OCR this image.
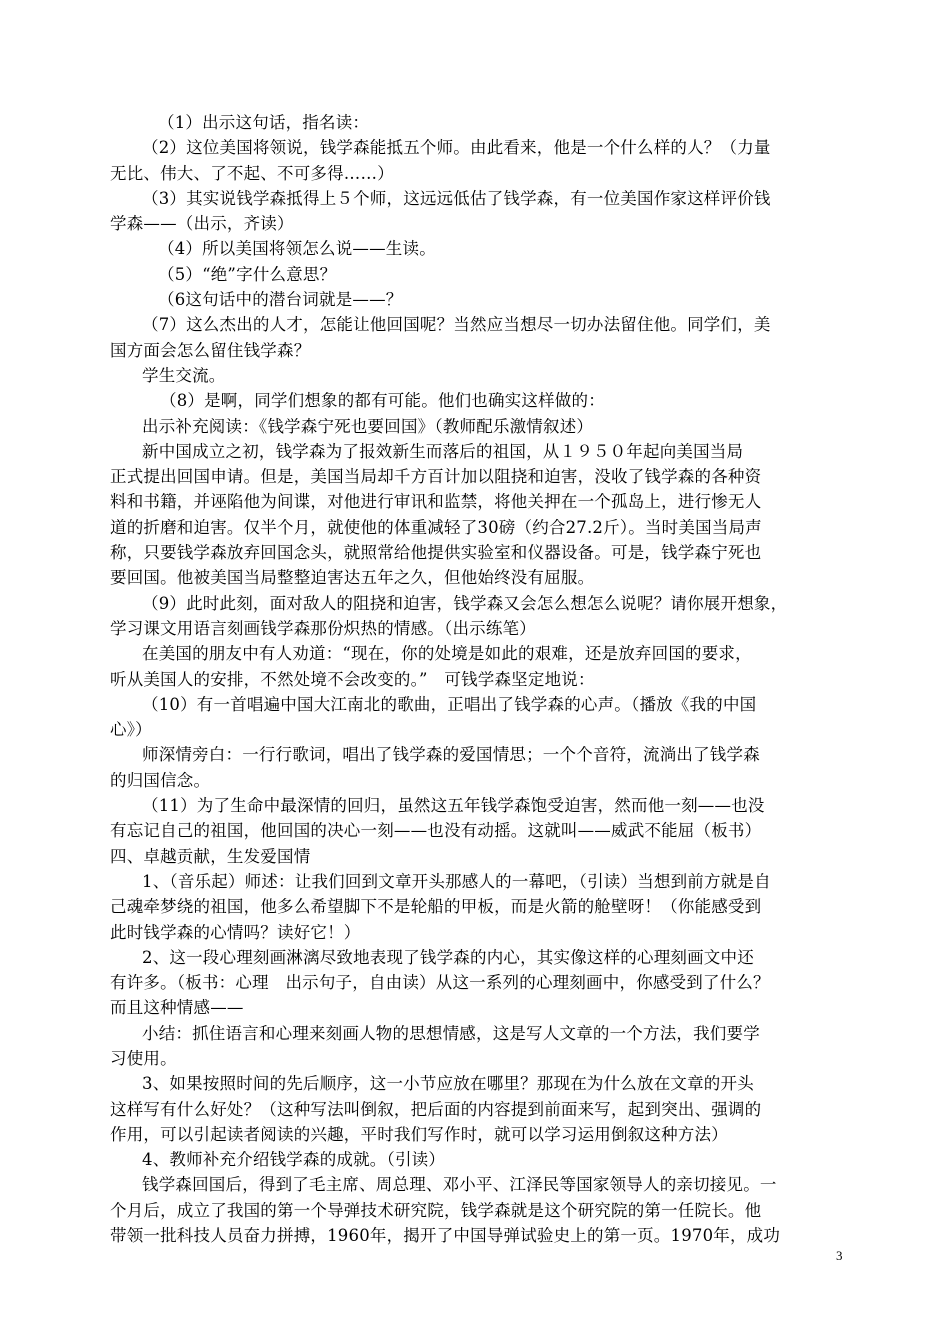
（1）出示这句话，指名读：
（2）这位美国将领说，钱学森能抵五个师。由此看来，他是一个什么样的人？（力量
无比、伟大、了不起、不可多得……）
（3）其实说钱学森抵得上５个师，这远远低估了钱学森，有一位美国作家这样评价钱
学森——（出示，齐读）
（4）所以美国将领怎么说——生读。
（5）“绝”字什么意思？
（6这句话中的潜台词就是——？
（7）这么杰出的人才，怎能让他回国呢？当然应当想尽一切办法留住他。同学们，美
国方面会怎么留住钱学森？
学生交流。
（8）是啊，同学们想象的都有可能。他们也确实这样做的：
出示补充阅读：《钱学森宁死也要回国》（教师配乐激情叙述）
新中国成立之初，钱学森为了报效新生而落后的祖国，从１９５０年起向美国当局
正式提出回国申请。但是，美国当局却千方百计加以阻挠和迫害，没收了钱学森的各种资
料和书籍，并诬陷他为间谍，对他进行审讯和监禁，将他关押在一个孤岛上，进行惨无人
道的折磨和迫害。仅半个月，就使他的体重减轻了30磅（约合27.2斤）。当时美国当局声
称，只要钱学森放弃回国念头，就照常给他提供实验室和仪器设备。可是，钱学森宁死也
要回国。他被美国当局整整迫害达五年之久，但他始终没有屈服。
（9）此时此刻，面对敌人的阻挠和迫害，钱学森又会怎么想怎么说呢？请你展开想象，
学习课文用语言刻画钱学森那份炽热的情感。（出示练笔）
在美国的朋友中有人劝道：“现在，你的处境是如此的艰难，还是放弃回国的要求，
听从美国人的安排，不然处境不会改变的。”　可钱学森坚定地说：
（10）有一首唱遍中国大江南北的歌曲，正唱出了钱学森的心声。（播放《我的中国
心》）
师深情旁白：一行行歌词，唱出了钱学森的爱国情思；一个个音符，流淌出了钱学森
的归国信念。
（11）为了生命中最深情的回归，虽然这五年钱学森饱受迫害，然而他一刻——也没
有忘记自己的祖国，他回国的决心一刻——也没有动摇。这就叫——威武不能屈（板书）
四、卓越贡献，生发爱国情
1、（音乐起）师述：让我们回到文章开头那感人的一幕吧，（引读）当想到前方就是自
己魂牵梦绕的祖国，他多么希望脚下不是轮船的甲板，而是火箭的舱壁呀！（你能感受到
此时钱学森的心情吗？读好它！）
2、这一段心理刻画淋漓尽致地表现了钱学森的内心，其实像这样的心理刻画文中还
有许多。（板书：心理　出示句子，自由读）从这一系列的心理刻画中，你感受到了什么？
而且这种情感——
小结：抓住语言和心理来刻画人物的思想情感，这是写人文章的一个方法，我们要学
习使用。
3、如果按照时间的先后顺序，这一小节应放在哪里？那现在为什么放在文章的开头
这样写有什么好处？（这种写法叫倒叙，把后面的内容提到前面来写，起到突出、强调的
作用，可以引起读者阅读的兴趣，平时我们写作时，就可以学习运用倒叙这种方法）
4、教师补充介绍钱学森的成就。（引读）
钱学森回国后，得到了毛主席、周总理、邓小平、江泽民等国家领导人的亲切接见。一
个月后，成立了我国的第一个导弹技术研究院，钱学森就是这个研究院的第一任院长。他
带领一批科技人员奋力拼搏，1960年，揭开了中国导弹试验史上的第一页。1970年，成功
3
